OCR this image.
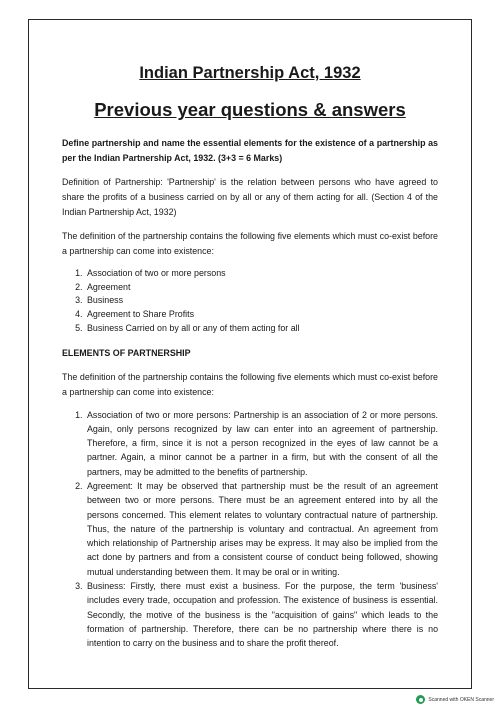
Indian Partnership Act, 1932
Previous year questions & answers

Define partnership and name the essential elements for the existence of a partnership as per the Indian Partnership Act, 1932. (3+3 = 6 Marks)

Definition of Partnership: 'Partnership' is the relation between persons who have agreed to share the profits of a business carried on by all or any of them acting for all. (Section 4 of the Indian Partnership Act, 1932)

The definition of the partnership contains the following five elements which must co-exist before a partnership can come into existence:

1. Association of two or more persons
2. Agreement
3. Business
4. Agreement to Share Profits
5. Business Carried on by all or any of them acting for all

ELEMENTS OF PARTNERSHIP

The definition of the partnership contains the following five elements which must co-exist before a partnership can come into existence:

1. Association of two or more persons: Partnership is an association of 2 or more persons. Again, only persons recognized by law can enter into an agreement of partnership. Therefore, a firm, since it is not a person recognized in the eyes of law cannot be a partner. Again, a minor cannot be a partner in a firm, but with the consent of all the partners, may be admitted to the benefits of partnership.
2. Agreement: It may be observed that partnership must be the result of an agreement between two or more persons. There must be an agreement entered into by all the persons concerned. This element relates to voluntary contractual nature of partnership. Thus, the nature of the partnership is voluntary and contractual. An agreement from which relationship of Partnership arises may be express. It may also be implied from the act done by partners and from a consistent course of conduct being followed, showing mutual understanding between them. It may be oral or in writing.
3. Business: Firstly, there must exist a business. For the purpose, the term 'business' includes every trade, occupation and profession. The existence of business is essential. Secondly, the motive of the business is the "acquisition of gains" which leads to the formation of partnership. Therefore, there can be no partnership where there is no intention to carry on the business and to share the profit thereof.
Scanned with OKEN Scanner
